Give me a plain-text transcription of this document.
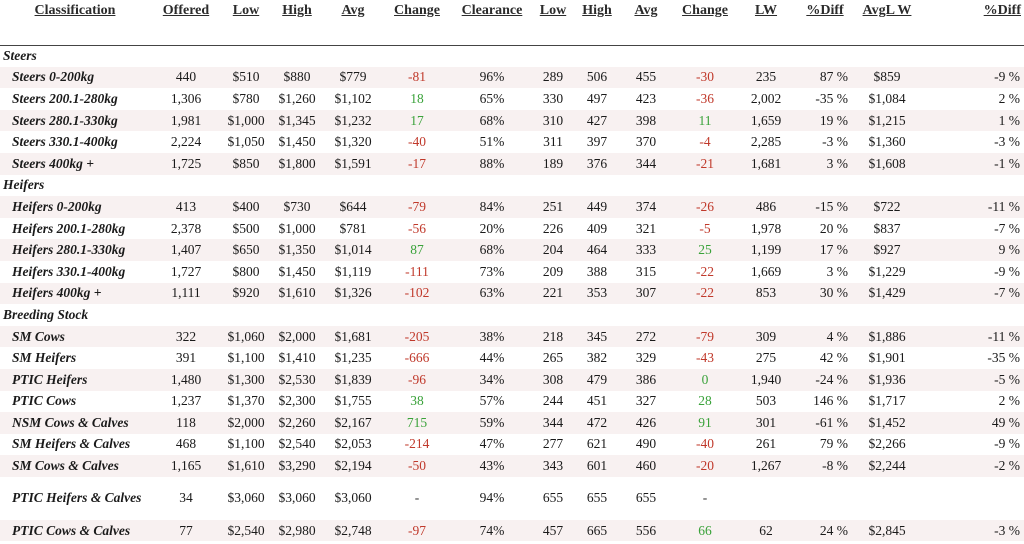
Classification	Offered	Low	High	Avg	Change	Clearance	Low	High	Avg	Change	LW	%Diff	AvgL W	%Diff
Steers														
Steers 0-200kg	440	$510	$880	$779	-81	96%	289	506	455	-30	235	87 %	$859	-9 %
Steers 200.1-280kg	1,306	$780	$1,260	$1,102	18	65%	330	497	423	-36	2,002	-35 %	$1,084	2 %
Steers 280.1-330kg	1,981	$1,000	$1,345	$1,232	17	68%	310	427	398	11	1,659	19 %	$1,215	1 %
Steers 330.1-400kg	2,224	$1,050	$1,450	$1,320	-40	51%	311	397	370	-4	2,285	-3 %	$1,360	-3 %
Steers 400kg +	1,725	$850	$1,800	$1,591	-17	88%	189	376	344	-21	1,681	3 %	$1,608	-1 %
Heifers														
Heifers 0-200kg	413	$400	$730	$644	-79	84%	251	449	374	-26	486	-15 %	$722	-11 %
Heifers 200.1-280kg	2,378	$500	$1,000	$781	-56	20%	226	409	321	-5	1,978	20 %	$837	-7 %
Heifers 280.1-330kg	1,407	$650	$1,350	$1,014	87	68%	204	464	333	25	1,199	17 %	$927	9 %
Heifers 330.1-400kg	1,727	$800	$1,450	$1,119	-111	73%	209	388	315	-22	1,669	3 %	$1,229	-9 %
Heifers 400kg +	1,111	$920	$1,610	$1,326	-102	63%	221	353	307	-22	853	30 %	$1,429	-7 %
Breeding Stock														
SM Cows	322	$1,060	$2,000	$1,681	-205	38%	218	345	272	-79	309	4 %	$1,886	-11 %
SM Heifers	391	$1,100	$1,410	$1,235	-666	44%	265	382	329	-43	275	42 %	$1,901	-35 %
PTIC Heifers	1,480	$1,300	$2,530	$1,839	-96	34%	308	479	386	0	1,940	-24 %	$1,936	-5 %
PTIC Cows	1,237	$1,370	$2,300	$1,755	38	57%	244	451	327	28	503	146 %	$1,717	2 %
NSM Cows & Calves	118	$2,000	$2,260	$2,167	715	59%	344	472	426	91	301	-61 %	$1,452	49 %
SM Heifers & Calves	468	$1,100	$2,540	$2,053	-214	47%	277	621	490	-40	261	79 %	$2,266	-9 %
SM Cows & Calves	1,165	$1,610	$3,290	$2,194	-50	43%	343	601	460	-20	1,267	-8 %	$2,244	-2 %
PTIC Heifers & Calves	34	$3,060	$3,060	$3,060	-	94%	655	655	655	-				
PTIC Cows & Calves	77	$2,540	$2,980	$2,748	-97	74%	457	665	556	66	62	24 %	$2,845	-3 %
